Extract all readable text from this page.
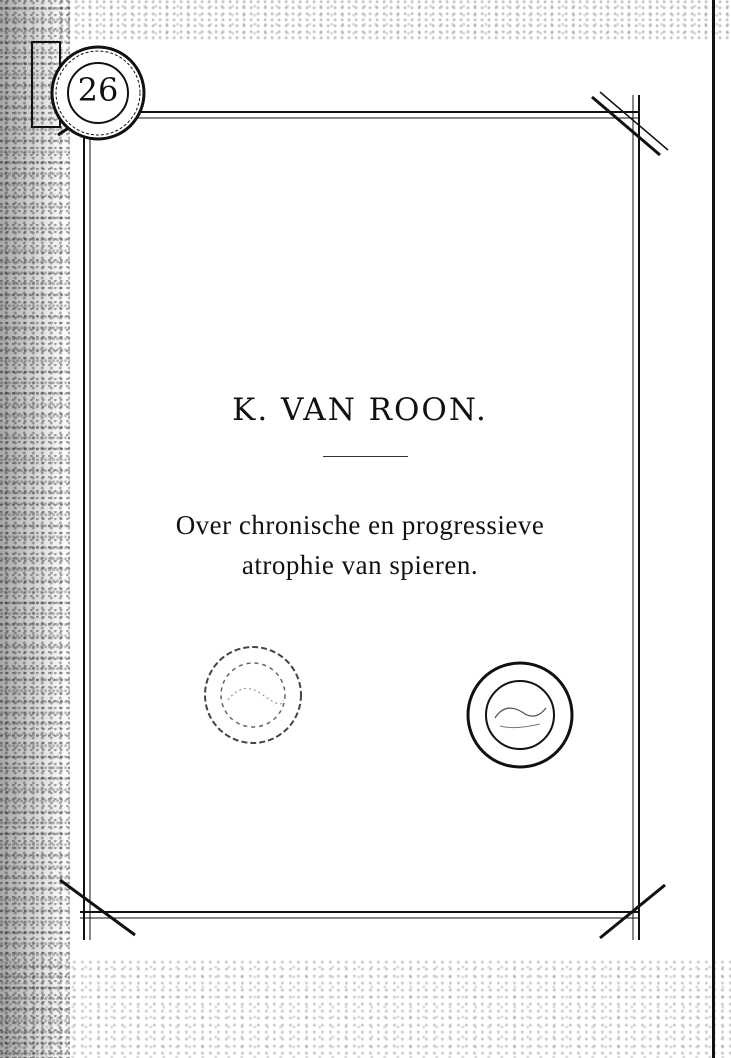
26
K. VAN ROON.
Over chronische en progressieve
atrophie van spieren.
